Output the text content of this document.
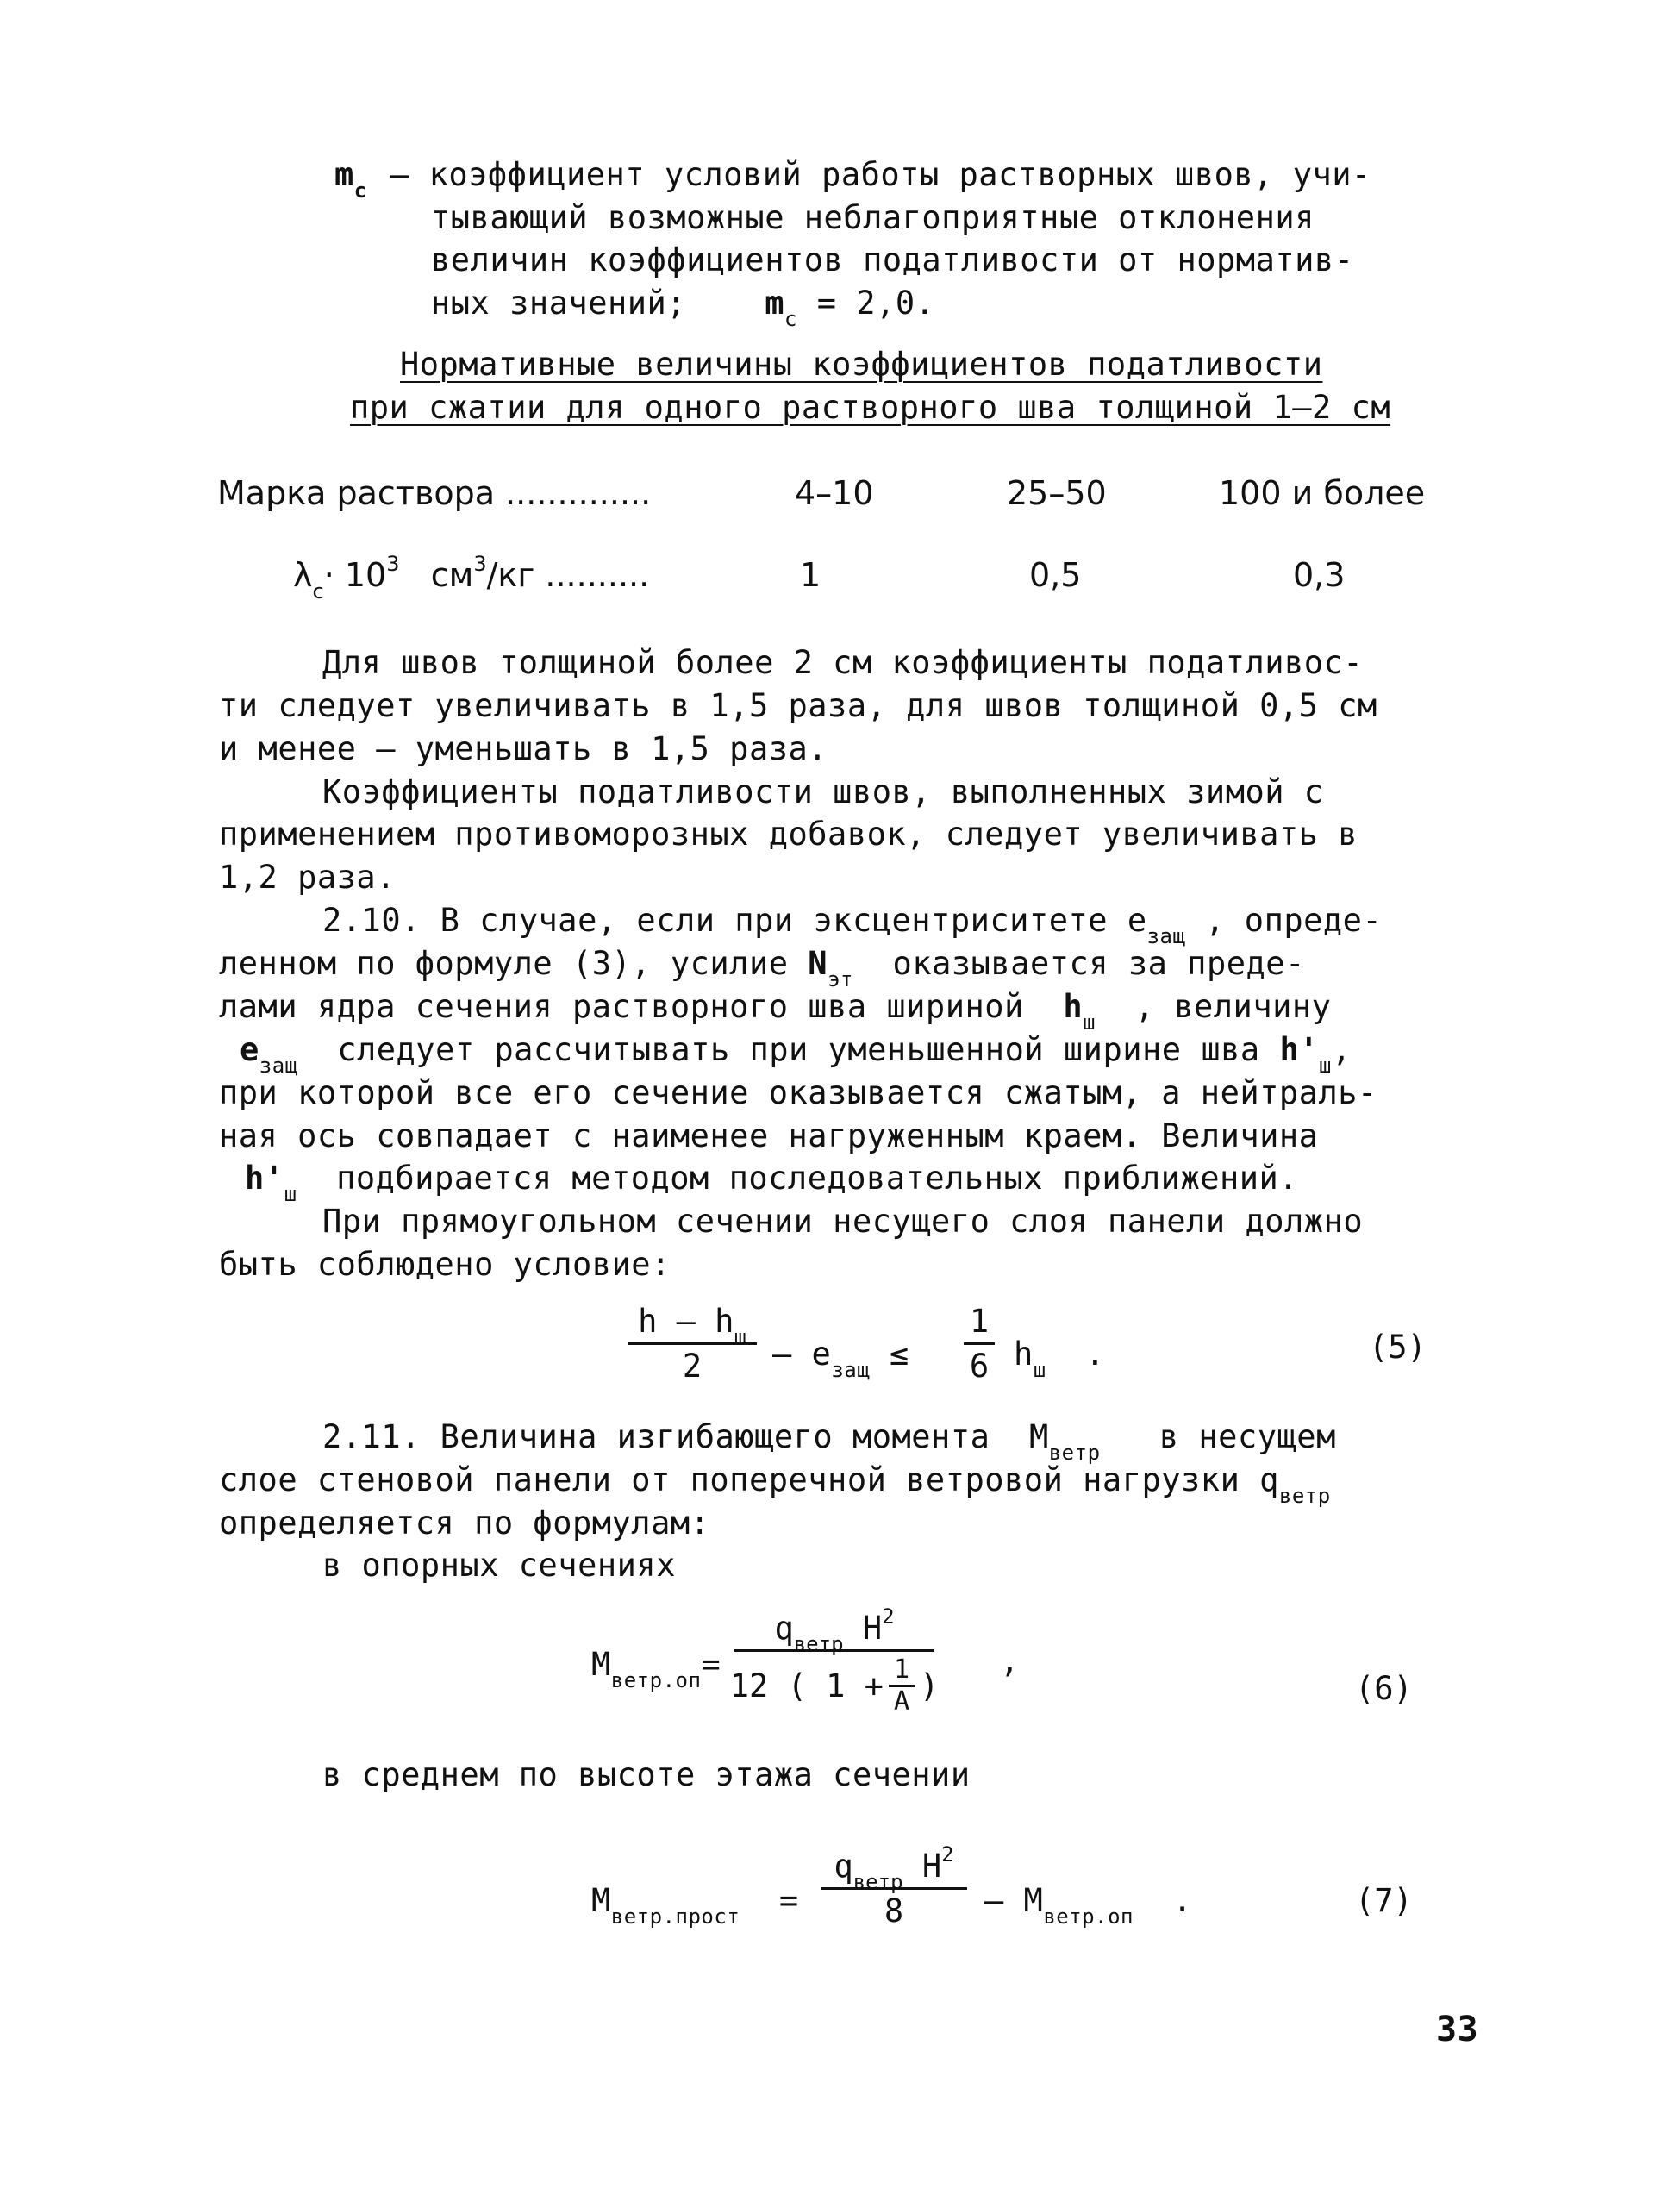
$m_c$ – коэффициент условий работы растворных швов, учи-
тывающий возможные неблагоприятные отклонения
величин коэффициентов податливости от норматив-
ных значений; $m_c = 2,0$.
Нормативные величины коэффициентов податливости
при сжатии для одного растворного шва толщиной 1–2 см
Марка раствора ..............	4–10	25–50	100 и более
$\lambda_c\cdot 10^3$ $см^3/кг$ ..........	1	0,5	0,3
Для швов толщиной более 2 см коэффициенты податливос-
ти следует увеличивать в 1,5 раза, для швов толщиной 0,5 см
и менее – уменьшать в 1,5 раза.
Коэффициенты податливости швов, выполненных зимой с
применением противоморозных добавок, следует увеличивать в
1,2 раза.
2.10. В случае, если при эксцентриситете $e_{защ}$ , опреде-
ленном по формуле (3), усилие $N_{эт}$ оказывается за преде-
лами ядра сечения растворного шва шириной $h_ш$ , величину
$e_{защ}$ следует рассчитывать при уменьшенной ширине шва $h'_ш$,
при которой все его сечение оказывается сжатым, а нейтраль-
ная ось совпадает с наименее нагруженным краем. Величина
$h'_ш$ подбирается методом последовательных приближений.
При прямоугольном сечении несущего слоя панели должно
быть соблюдено условие:
h – $h_ш$
$2 - e_{защ}$ ≤
1
6 $h_ш$ .	(5)
2.11. Величина изгибающего момента $M_{ветр}$ в несущем
слое стеновой панели от поперечной ветровой нагрузки $q_{ветр}$
определяется по формулам:
в опорных сечениях
$M_{ветр.оп}=$
$q_{ветр}$ $H^2$
12 ( 1 + 1
A )
,
(6)
в среднем по высоте этажа сечении
$M_{ветр.прост}$ =
$q_{ветр}$ $H^2$
8	– $M_{ветр.оп}$ .	(7)
33
